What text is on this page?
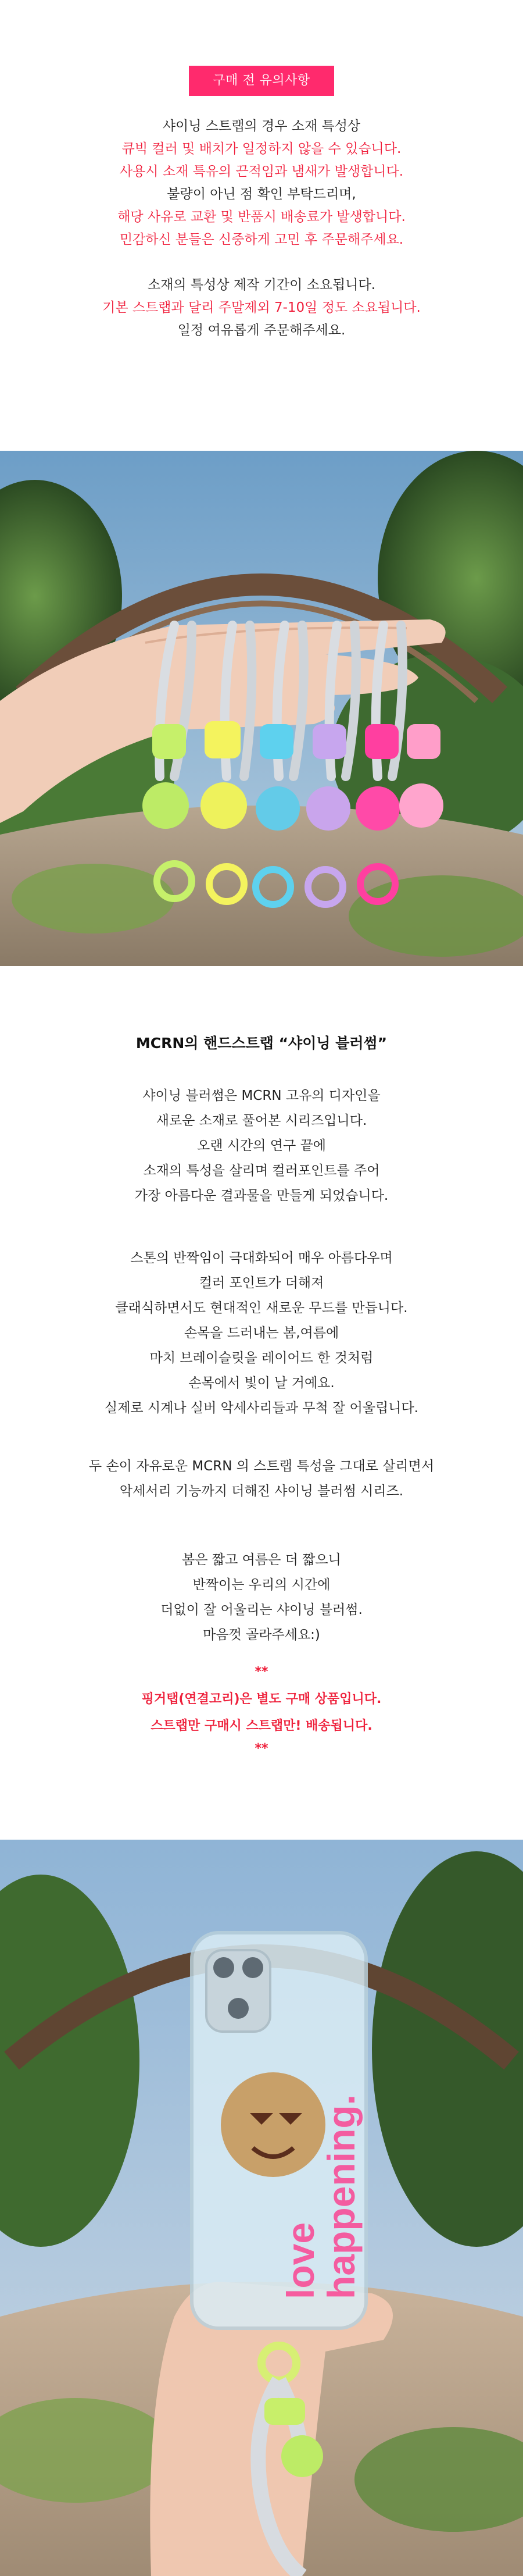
구매 전 유의사항
샤이닝 스트랩의 경우 소재 특성상
큐빅 컬러 및 배치가 일정하지 않을 수 있습니다.
사용시 소재 특유의 끈적임과 냄새가 발생합니다.
불량이 아닌 점 확인 부탁드리며,
해당 사유로 교환 및 반품시 배송료가 발생합니다.
민감하신 분들은 신중하게 고민 후 주문해주세요.
소재의 특성상 제작 기간이 소요됩니다.
기본 스트랩과 달리 주말제외 7-10일 정도 소요됩니다.
일정 여유롭게 주문해주세요.
MCRN의 핸드스트랩 “샤이닝 블러썸”
샤이닝 블러썸은 MCRN 고유의 디자인을
새로운 소재로 풀어본 시리즈입니다.
오랜 시간의 연구 끝에
소재의 특성을 살리며 컬러포인트를 주어
가장 아름다운 결과물을 만들게 되었습니다.
스톤의 반짝임이 극대화되어 매우 아름다우며
컬러 포인트가 더해져
클래식하면서도 현대적인 새로운 무드를 만듭니다.
손목을 드러내는 봄,여름에
마치 브레이슬릿을 레이어드 한 것처럼
손목에서 빛이 날 거예요.
실제로 시계나 실버 악세사리들과 무척 잘 어울립니다.
두 손이 자유로운 MCRN 의 스트랩 특성을 그대로 살리면서
악세서리 기능까지 더해진 샤이닝 블러썸 시리즈.
봄은 짧고 여름은 더 짧으니
반짝이는 우리의 시간에
더없이 잘 어울리는 샤이닝 블러썸.
마음껏 골라주세요:)
**
핑거탭(연결고리)은 별도 구매 상품입니다.
스트랩만 구매시 스트랩만! 배송됩니다.
**
love
happening.
